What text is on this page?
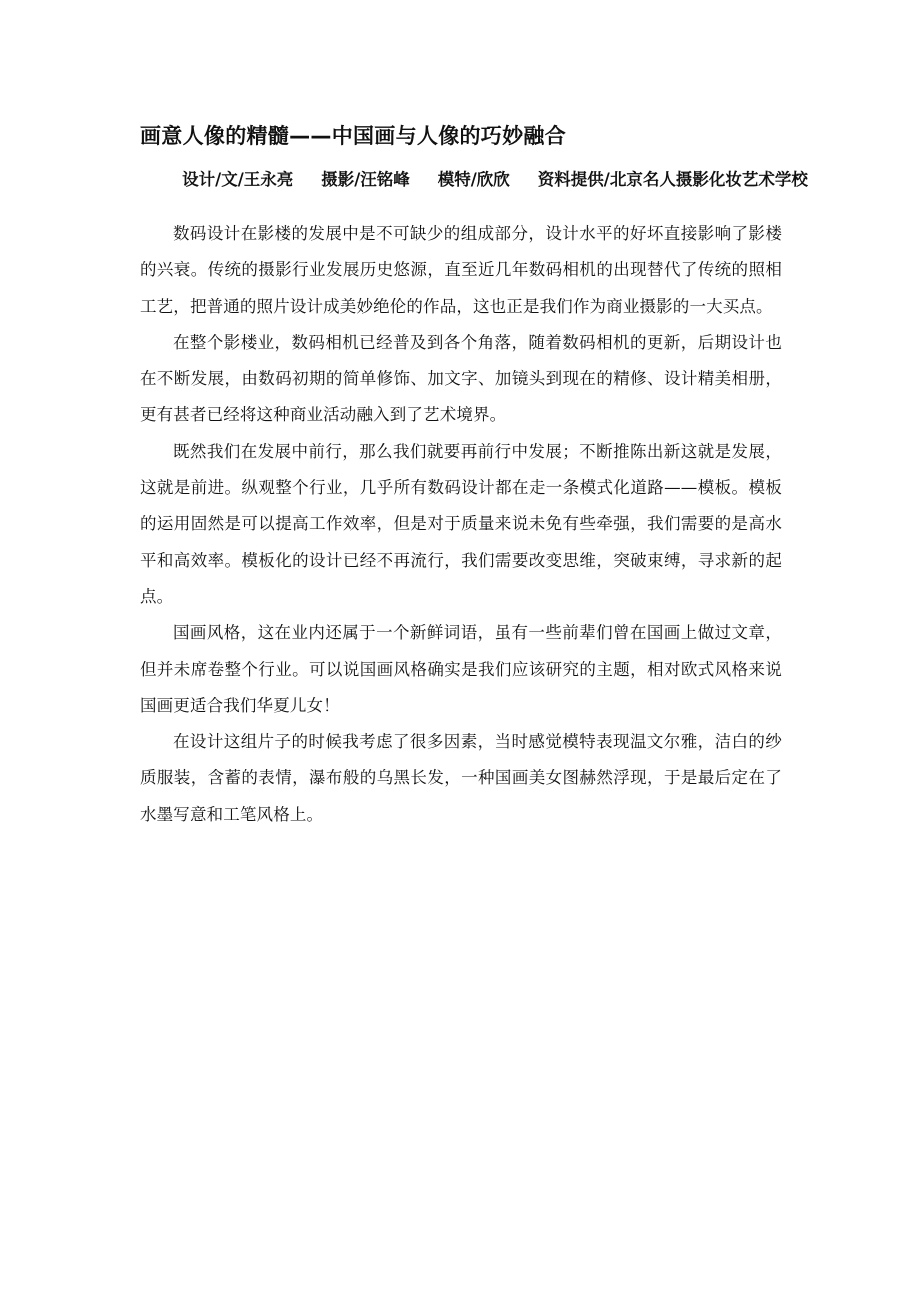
画意人像的精髓——中国画与人像的巧妙融合
设计/文/王永亮 摄影/汪铭峰 模特/欣欣 资料提供/北京名人摄影化妆艺术学校

数码设计在影楼的发展中是不可缺少的组成部分，设计水平的好坏直接影响了影楼的兴衰。传统的摄影行业发展历史悠源，直至近几年数码相机的出现替代了传统的照相工艺，把普通的照片设计成美妙绝伦的作品，这也正是我们作为商业摄影的一大买点。

在整个影楼业，数码相机已经普及到各个角落，随着数码相机的更新，后期设计也在不断发展，由数码初期的简单修饰、加文字、加镜头到现在的精修、设计精美相册，更有甚者已经将这种商业活动融入到了艺术境界。

既然我们在发展中前行，那么我们就要再前行中发展；不断推陈出新这就是发展，这就是前进。纵观整个行业，几乎所有数码设计都在走一条模式化道路——模板。模板的运用固然是可以提高工作效率，但是对于质量来说未免有些牵强，我们需要的是高水平和高效率。模板化的设计已经不再流行，我们需要改变思维，突破束缚，寻求新的起点。

国画风格，这在业内还属于一个新鲜词语，虽有一些前辈们曾在国画上做过文章，但并未席卷整个行业。可以说国画风格确实是我们应该研究的主题，相对欧式风格来说国画更适合我们华夏儿女！

在设计这组片子的时候我考虑了很多因素，当时感觉模特表现温文尔雅，洁白的纱质服装，含蓄的表情，瀑布般的乌黑长发，一种国画美女图赫然浮现，于是最后定在了水墨写意和工笔风格上。
